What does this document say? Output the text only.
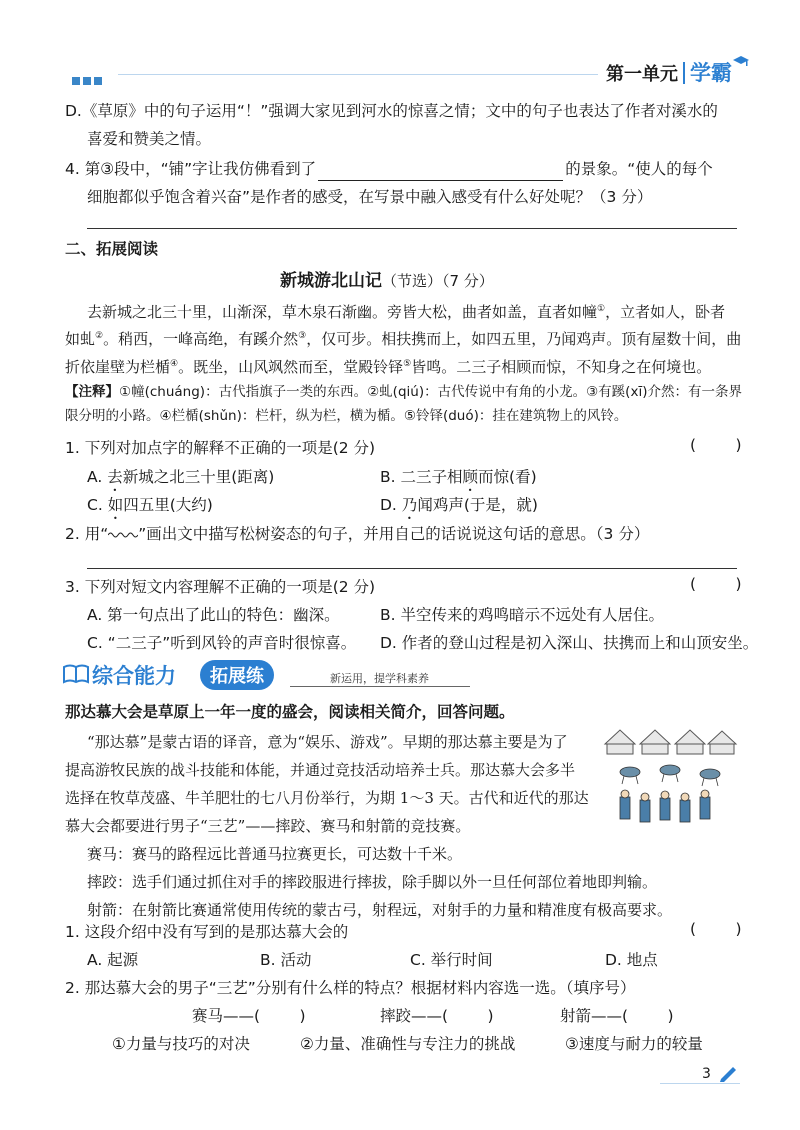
第一单元 学霸
D.《草原》中的句子运用“！”强调大家见到河水的惊喜之情；文中的句子也表达了作者对溪水的
喜爱和赞美之情。
4. 第③段中，“铺”字让我仿佛看到了	的景象。“使人的每个
细胞都似乎饱含着兴奋”是作者的感受，在写景中融入感受有什么好处呢？（3 分）
二、拓展阅读
新城游北山记（节选）（7 分）
去新城之北三十里，山渐深，草木泉石渐幽。旁皆大松，曲者如盖，直者如幢①，立者如人，卧者
如虬②。稍西，一峰高绝，有蹊介然③，仅可步。相扶携而上，如四五里，乃闻鸡声。顶有屋数十间，曲
折依崖壁为栏楯④。既坐，山风飒然而至，堂殿铃铎⑤皆鸣。二三子相顾而惊，不知身之在何境也。
【注释】①幢(chuáng)：古代指旗子一类的东西。②虬(qiú)：古代传说中有角的小龙。③有蹊(xī)介然：有一条界
限分明的小路。④栏楯(shǔn)：栏杆，纵为栏，横为楯。⑤铃铎(duó)：挂在建筑物上的风铃。
1. 下列对加点字的解释不正确的一项是(2 分)	(        )
A. 去新城之北三十里(距离)	B. 二三子相顾而惊(看)
C. 如四五里(大约)	D. 乃闻鸡声(于是，就)
2. 用“ ”画出文中描写松树姿态的句子，并用自己的话说说这句话的意思。（3 分）
3. 下列对短文内容理解不正确的一项是(2 分)	(        )
A. 第一句点出了此山的特色：幽深。	B. 半空传来的鸡鸣暗示不远处有人居住。
C. “二三子”听到风铃的声音时很惊喜。 D. 作者的登山过程是初入深山、扶携而上和山顶安坐。
综合能力	拓展练	新运用，提学科素养
那达慕大会是草原上一年一度的盛会，阅读相关简介，回答问题。
“那达慕”是蒙古语的译音，意为“娱乐、游戏”。早期的那达慕主要是为了
提高游牧民族的战斗技能和体能，并通过竞技活动培养士兵。那达慕大会多半
选择在牧草茂盛、牛羊肥壮的七八月份举行，为期 1～3 天。古代和近代的那达
慕大会都要进行男子“三艺”——摔跤、赛马和射箭的竞技赛。
赛马：赛马的路程远比普通马拉赛更长，可达数十千米。
摔跤：选手们通过抓住对手的摔跤服进行摔拔，除手脚以外一旦任何部位着地即判输。
射箭：在射箭比赛通常使用传统的蒙古弓，射程远，对射手的力量和精准度有极高要求。
1. 这段介绍中没有写到的是那达慕大会的	(        )
A. 起源	B. 活动	C. 举行时间	D. 地点
2. 那达慕大会的男子“三艺”分别有什么样的特点？根据材料内容选一选。（填序号）
赛马——(        )	摔跤——(        )	射箭——(        )
①力量与技巧的对决	②力量、准确性与专注力的挑战	③速度与耐力的较量
3
